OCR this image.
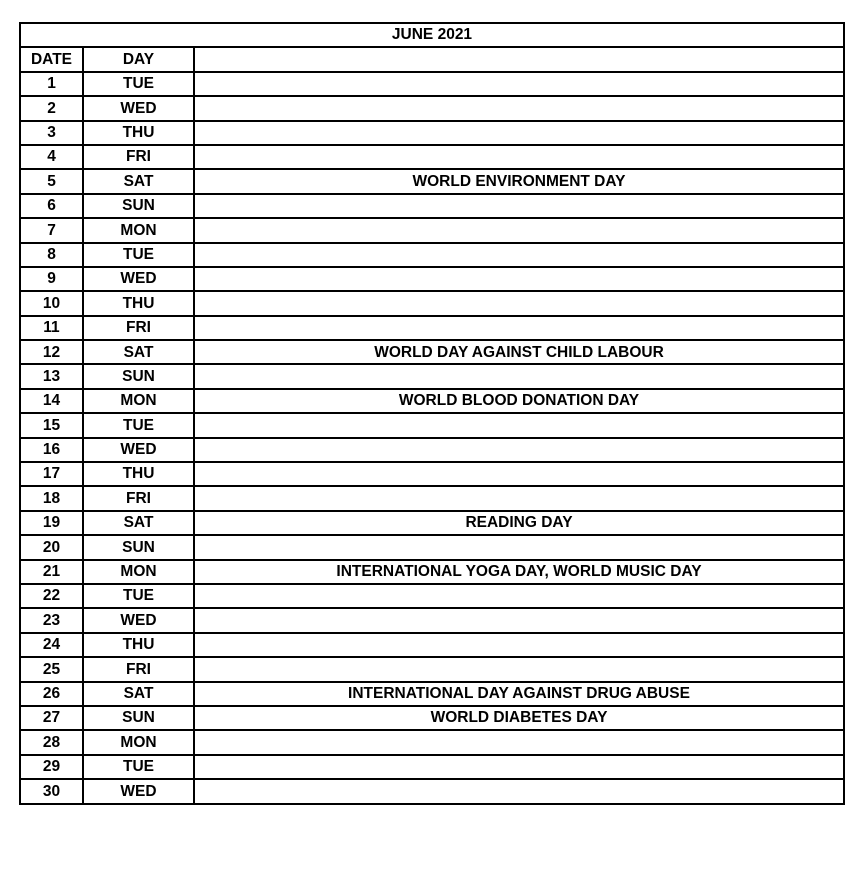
JUNE 2021		
DATE	DAY	
1	TUE	
2	WED	
3	THU	
4	FRI	
5	SAT	WORLD ENVIRONMENT DAY
6	SUN	
7	MON	
8	TUE	
9	WED	
10	THU	
11	FRI	
12	SAT	WORLD DAY AGAINST CHILD LABOUR
13	SUN	
14	MON	WORLD BLOOD DONATION DAY
15	TUE	
16	WED	
17	THU	
18	FRI	
19	SAT	READING DAY
20	SUN	
21	MON	INTERNATIONAL YOGA DAY, WORLD MUSIC DAY
22	TUE	
23	WED	
24	THU	
25	FRI	
26	SAT	INTERNATIONAL DAY AGAINST DRUG ABUSE
27	SUN	WORLD DIABETES DAY
28	MON	
29	TUE	
30	WED	
